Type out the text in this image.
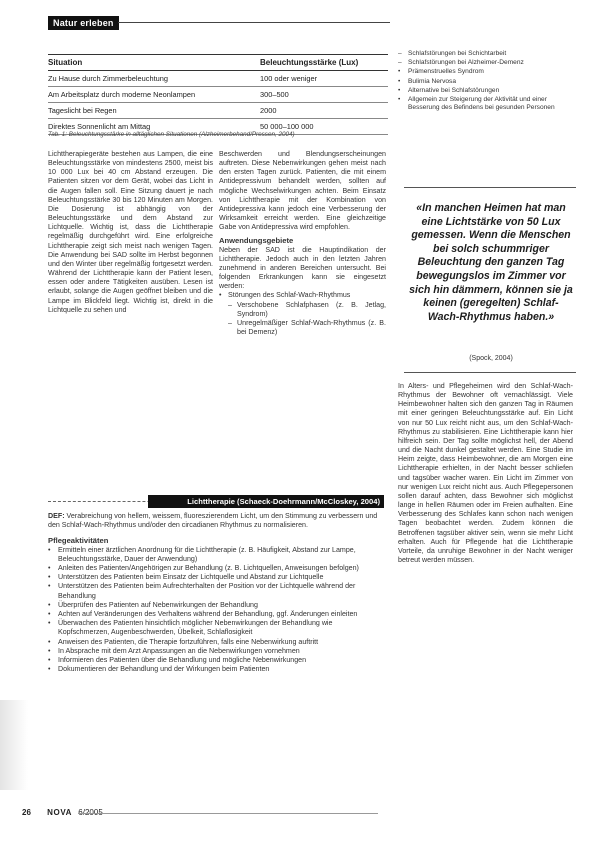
Natur erleben
Situation	Beleuchtungsstärke (Lux)
Zu Hause durch Zimmerbeleuchtung	100 oder weniger
Am Arbeitsplatz durch moderne Neonlampen	300–500
Tageslicht bei Regen	2000
Direktes Sonnenlicht am Mittag	50 000–100 000
Tab. 1: Beleuchtungsstärke in alltäglichen Situationen (Alzheimerbehand/Pressen, 2004)
– Schlafstörungen bei Schichtarbeit
– Schlafstörungen bei Alzheimer-Demenz
• Prämenstruelles Syndrom
• Bulimia Nervosa
• Alternative bei Schlafstörungen
• Allgemein zur Steigerung der Aktivität und einer Besserung des Befindens bei gesunden Personen

Lichttherapiegeräte bestehen aus Lampen, die eine Beleuchtungsstärke von mindestens 2500, meist bis 10 000 Lux bei 40 cm Abstand erzeugen. Die Patienten sitzen vor dem Gerät, wobei das Licht in die Augen fallen soll. Eine Sitzung dauert je nach Beleuchtungsstärke 30 bis 120 Minuten am Morgen. Die Dosierung ist abhängig von der Beleuchtungsstärke und dem Abstand zur Lichtquelle. Wichtig ist, dass die Lichttherapie regelmäßig durchgeführt wird. Eine erfolgreiche Lichttherapie zeigt sich meist nach wenigen Tagen. Die Anwendung bei SAD sollte im Herbst begonnen und den Winter über regelmäßig fortgesetzt werden. Während der Lichttherapie kann der Patient lesen, essen oder andere Tätigkeiten ausüben. Lesen ist erlaubt, solange die Augen geöffnet bleiben und die Lampe im Blickfeld liegt. Wichtig ist, direkt in die Lichtquelle zu sehen und

Beschwerden und Blendungserscheinungen auftreten. Diese Nebenwirkungen gehen meist nach den ersten Tagen zurück. Patienten, die mit einem Antidepressivum behandelt werden, sollten auf mögliche Wechselwirkungen achten. Beim Einsatz von Lichttherapie mit der Kombination von Antidepressiva kann jedoch eine Verbesserung der Wirksamkeit erreicht werden. Eine gleichzeitige Gabe von Antidepressiva wird empfohlen.

Anwendungsgebiete

Neben der SAD ist die Hauptindikation der Lichttherapie. Jedoch auch in den letzten Jahren zunehmend in anderen Bereichen untersucht. Bei folgenden Erkrankungen kann sie eingesetzt werden:

• Störungen des Schlaf-Wach-Rhythmus
– Verschobene Schlafphasen (z. B. Jetlag, Syndrom)
– Unregelmäßiger Schlaf-Wach-Rhythmus (z. B. bei Demenz)
«In manchen Heimen hat man eine Lichtstärke von 50 Lux gemessen. Wenn die Menschen bei solch schummriger Beleuchtung den ganzen Tag bewegungslos im Zimmer vor sich hin dämmern, können sie ja keinen (geregelten) Schlaf-Wach-Rhythmus haben.»
(Spock, 2004)

In Alters- und Pflegeheimen wird den Schlaf-Wach-Rhythmus der Bewohner oft vernachlässigt. Viele Heimbewohner halten sich den ganzen Tag in Räumen mit einer geringen Beleuchtungsstärke auf. Ein Licht von nur 50 Lux reicht nicht aus, um den Schlaf-Wach-Rhythmus zu stabilisieren. Eine Lichttherapie kann hier hilfreich sein. Der Tag sollte möglichst hell, der Abend und die Nacht dunkel gestaltet werden. Eine Studie im Heim zeigte, dass Heimbewohner, die am Morgen eine Lichttherapie erhielten, in der Nacht besser schliefen und tagsüber wacher waren. Ein Licht im Zimmer von nur wenigen Lux reicht nicht aus. Auch Pflegepersonen sollen darauf achten, dass Bewohner sich möglichst lange in hellen Räumen oder im Freien aufhalten. Eine Verbesserung des Schlafes kann schon nach wenigen Tagen beobachtet werden. Zudem können die Betroffenen tagsüber aktiver sein, wenn sie mehr Licht erhalten. Auch für Pflegende hat die Lichttherapie Vorteile, da unruhige Bewohner in der Nacht weniger betreut werden müssen.

Lichttherapie (Schaeck-Doehrmann/McCloskey, 2004)

DEF: Verabreichung von hellem, weissem, fluoreszierendem Licht, um den Stimmung zu verbessern und den Schlaf-Wach-Rhythmus und/oder den circadianen Rhythmus zu normalisieren.

Pflegeaktivitäten
• Ermitteln einer ärztlichen Anordnung für die Lichttherapie (z. B. Häufigkeit, Abstand zur Lampe, Beleuchtungsstärke, Dauer der Anwendung)
• Anleiten des Patienten/Angehörigen zur Behandlung (z. B. Lichtquellen, Anweisungen befolgen)
• Unterstützen des Patienten beim Einsatz der Lichtquelle und Abstand zur Lichtquelle
• Unterstützen des Patienten beim Aufrechterhalten der Position vor der Lichtquelle während der Behandlung
• Überprüfen des Patienten auf Nebenwirkungen der Behandlung
• Achten auf Veränderungen des Verhaltens während der Behandlung, ggf. Änderungen einleiten
• Überwachen des Patienten hinsichtlich möglicher Nebenwirkungen der Behandlung wie Kopfschmerzen, Augenbeschwerden, Übelkeit, Schlaflosigkeit
• Anweisen des Patienten, die Therapie fortzuführen, falls eine Nebenwirkung auftritt
• In Absprache mit dem Arzt Anpassungen an die Nebenwirkungen vornehmen
• Informieren des Patienten über die Behandlung und mögliche Nebenwirkungen
• Dokumentieren der Behandlung und der Wirkungen beim Patienten
26 NOVA 6/2005
